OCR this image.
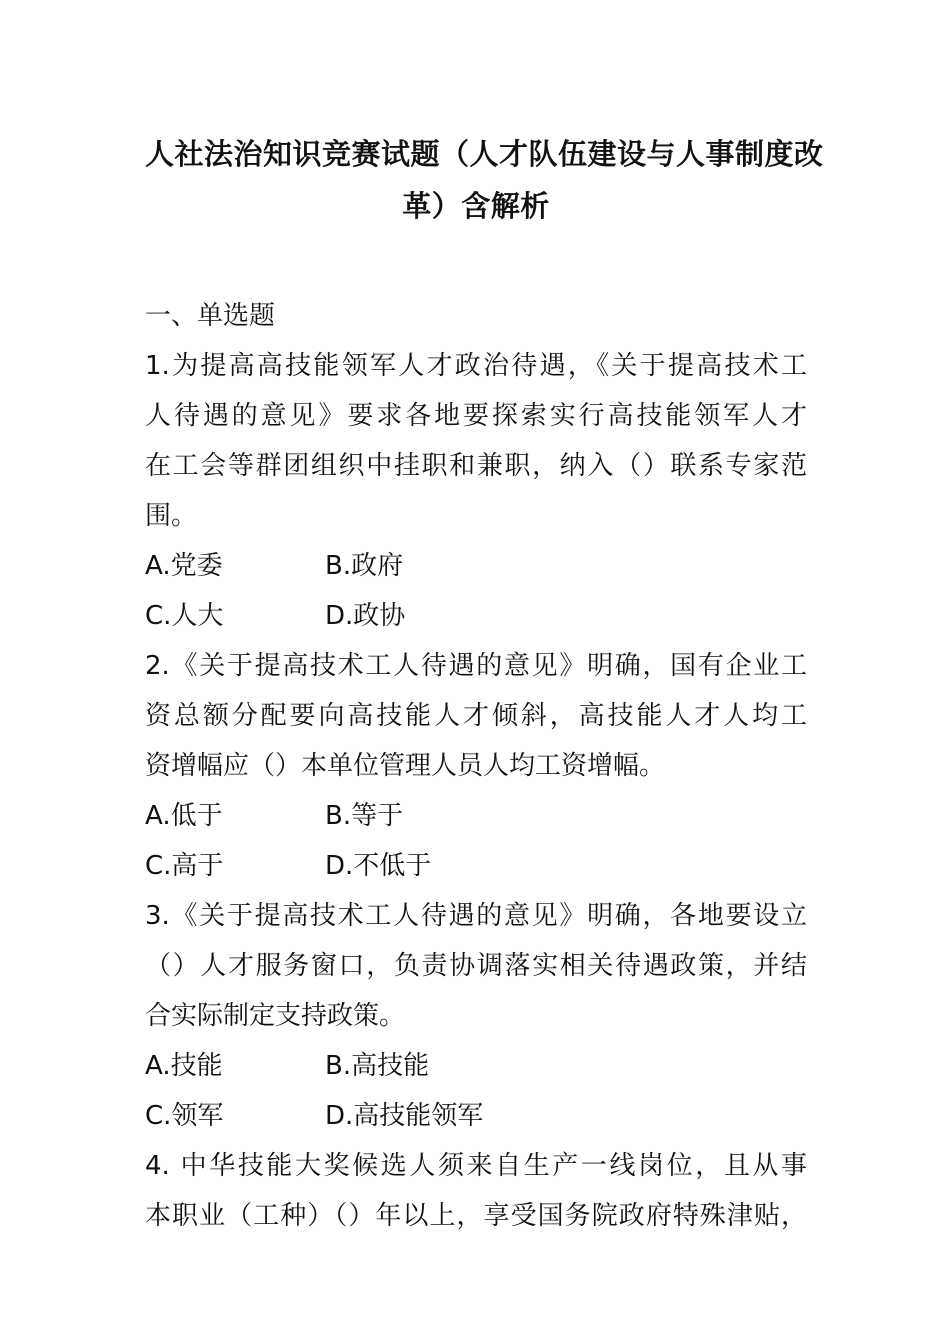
人社法治知识竞赛试题（人才队伍建设与人事制度改
革）含解析
一、单选题
1.为提高高技能领军人才政治待遇，《关于提高技术工
人待遇的意见》要求各地要探索实行高技能领军人才
在工会等群团组织中挂职和兼职，纳入（）联系专家范
围。
A.党委	B.政府
C.人大	D.政协
2.《关于提高技术工人待遇的意见》明确，国有企业工
资总额分配要向高技能人才倾斜，高技能人才人均工
资增幅应（）本单位管理人员人均工资增幅。
A.低于	B.等于
C.高于	D.不低于
3.《关于提高技术工人待遇的意见》明确，各地要设立
（）人才服务窗口，负责协调落实相关待遇政策，并结
合实际制定支持政策。
A.技能	B.高技能
C.领军	D.高技能领军
4. 中华技能大奖候选人须来自生产一线岗位，且从事
本职业（工种）（）年以上，享受国务院政府特殊津贴，
